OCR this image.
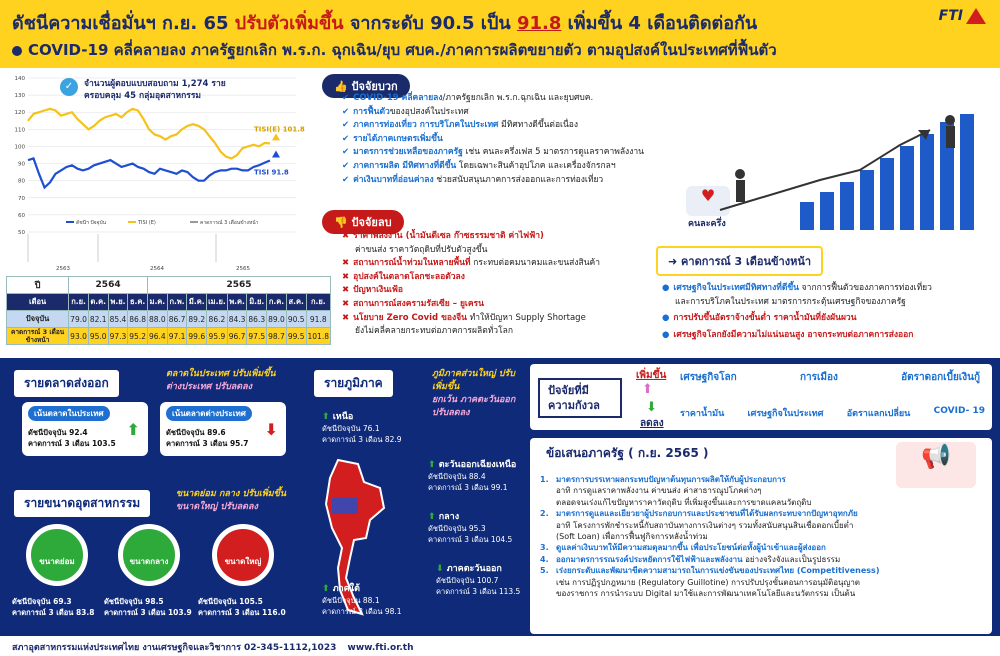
ดัชนีความเชื่อมั่นฯ ก.ย. 65 ปรับตัวเพิ่มขึ้น จากระดับ 90.5 เป็น 91.8 เพิ่มขึ้น 4 เดือนติดต่อกัน
COVID-19 คลี่คลายลง ภาครัฐยกเลิก พ.ร.ก. ฉุกเฉิน/ยุบ ศบค./ภาคการผลิตขยายตัว ตามอุปสงค์ในประเทศที่ฟื้นตัว
FTI
50
60
70
80
90
100
110
120
130
140
TISI(E) 101.8
TISI 91.8
2563	2564	2565
ดัชนีฯ ปัจจุบัน	TISI (E)	คาดการณ์ 3 เดือนข้างหน้า
✓	จำนวนผู้ตอบแบบสอบถาม 1,274 ราย
ครอบคลุม 45 กลุ่มอุตสาหกรรม
ปี	2564				2565								
เดือน	ก.ย.	ต.ค.	พ.ย.	ธ.ค.	ม.ค.	ก.พ.	มี.ค.	เม.ย.	พ.ค.	มิ.ย.	ก.ค.	ส.ค.	ก.ย.
ปัจจุบัน	79.0	82.1	85.4	86.8	88.0	86.7	89.2	86.2	84.3	86.3	89.0	90.5	91.8
คาดการณ์ 3 เดือนข้างหน้า	93.0	95.0	97.3	95.2	96.4	97.1	99.6	95.9	96.7	97.5	98.7	99.5	101.8
👍 ปัจจัยบวก
✔ COVID-19 คลี่คลายลง/ภาครัฐยกเลิก พ.ร.ก.ฉุกเฉิน และยุบศบค.
✔ การฟื้นตัวของอุปสงค์ในประเทศ
✔ ภาคการท่องเที่ยว การบริโภคในประเทศ มีทิศทางดีขึ้นต่อเนื่อง
✔ รายได้ภาคเกษตรเพิ่มขึ้น
✔ มาตรการช่วยเหลือของภาครัฐ เช่น คนละครึ่งเฟส 5 มาตรการดูแลราคาพลังงาน
✔ ภาคการผลิต มีทิศทางที่ดีขึ้น โดยเฉพาะสินค้าอุปโภค และเครื่องจักรกลฯ
✔ ค่าเงินบาทที่อ่อนค่าลง ช่วยสนับสนุนภาคการส่งออกและการท่องเที่ยว
♥
คนละครึ่ง
👎 ปัจจัยลบ
✖ ราคาพลังงาน (น้ำมันดีเซล ก๊าซธรรมชาติ ค่าไฟฟ้า)
ค่าขนส่ง ราคาวัตถุดิบที่ปรับตัวสูงขึ้น
✖ สถานการณ์น้ำท่วมในหลายพื้นที่ กระทบต่อคมนาคมและขนส่งสินค้า
✖ อุปสงค์ในตลาดโลกชะลอตัวลง
✖ ปัญหาเงินเฟ้อ
✖ สถานการณ์สงครามรัสเซีย – ยูเครน
✖ นโยบาย Zero Covid ของจีน ทำให้ปัญหา Supply Shortage
ยังไม่คลี่คลายกระทบต่อภาคการผลิตทั่วโลก
➜ คาดการณ์ 3 เดือนข้างหน้า
● เศรษฐกิจในประเทศมีทิศทางที่ดีขึ้น จากการฟื้นตัวของภาคการท่องเที่ยว
และการบริโภคในประเทศ มาตรการกระตุ้นเศรษฐกิจของภาครัฐ
● การปรับขึ้นอัตราจ้างขั้นต่ำ ราคาน้ำมันที่ยังผันผวน
● เศรษฐกิจโลกยังมีความไม่แน่นอนสูง อาจกระทบต่อภาคการส่งออก
รายตลาดส่งออก
ตลาดในประเทศ ปรับเพิ่มขึ้น
ต่างประเทศ ปรับลดลง
เน้นตลาดในประเทศ
ดัชนีปัจจุบัน 92.4
คาดการณ์ 3 เดือน 103.5
⬆
เน้นตลาดต่างประเทศ
ดัชนีปัจจุบัน 89.6
คาดการณ์ 3 เดือน 95.7
⬇
รายขนาดอุตสาหกรรม
ขนาดย่อม กลาง ปรับเพิ่มขึ้น
ขนาดใหญ่ ปรับลดลง
ขนาดย่อม
ดัชนีปัจจุบัน 69.3
คาดการณ์ 3 เดือน 83.8
ขนาดกลาง
ดัชนีปัจจุบัน 98.5
คาดการณ์ 3 เดือน 103.9
ขนาดใหญ่
ดัชนีปัจจุบัน 105.5
คาดการณ์ 3 เดือน 116.0
รายภูมิภาค
ภูมิภาคส่วนใหญ่ ปรับเพิ่มขึ้น
ยกเว้น ภาคตะวันออก ปรับลดลง
⬆ เหนือ
ดัชนีปัจจุบัน 76.1
คาดการณ์ 3 เดือน 82.9
⬆ ตะวันออกเฉียงเหนือ
ดัชนีปัจจุบัน 88.4
คาดการณ์ 3 เดือน 99.1
⬆ กลาง
ดัชนีปัจจุบัน 95.3
คาดการณ์ 3 เดือน 104.5
⬇ ภาคตะวันออก
ดัชนีปัจจุบัน 100.7
คาดการณ์ 3 เดือน 113.5
⬆ ภาคใต้
ดัชนีปัจจุบัน 88.1
คาดการณ์ 3 เดือน 98.1
ปัจจัยที่มีความกังวล
เพิ่มขึ้น
⬆
⬇
ลดลง
เศรษฐกิจโลก	การเมือง	อัตราดอกเบี้ยเงินกู้
ราคาน้ำมัน	เศรษฐกิจในประเทศ	อัตราแลกเปลี่ยน	COVID- 19
ข้อเสนอภาครัฐ ( ก.ย. 2565 )	📢
1. มาตรการบรรเทาผลกระทบปัญหาต้นทุนการผลิตให้กับผู้ประกอบการ
อาทิ การดูแลราคาพลังงาน ค่าขนส่ง ค่าสาธารณูปโภคต่างๆ
ตลอดจนเร่งแก้ไขปัญหาราคาวัตถุดิบ ที่เพิ่มสูงขึ้นและการขาดแคลนวัตถุดิบ
2. มาตรการดูแลและเยียวยาผู้ประกอบการและประชาชนที่ได้รับผลกระทบจากปัญหาอุทกภัย
อาทิ โครงการพักชำระหนี้กับสถาบันทางการเงินต่างๆ รวมทั้งสนับสนุนสินเชื่อดอกเบี้ยต่ำ
(Soft Loan) เพื่อการฟื้นฟูกิจการหลังน้ำท่วม
3. ดูแลค่าเงินบาทให้มีความสมดุลมากขึ้น เพื่อประโยชน์ต่อทั้งผู้นำเข้าและผู้ส่งออก
4. ออกมาตรการรณรงค์ประหยัดการใช้ไฟฟ้าและพลังงาน อย่างจริงจังและเป็นรูปธรรม
5. เร่งยกระดับและพัฒนาขีดความสามารถในการแข่งขันของประเทศไทย (Competitiveness)
เช่น การปฏิรูปกฎหมาย (Regulatory Guillotine) การปรับปรุงขั้นตอนการอนุมัติอนุญาต
ของราชการ การนำระบบ Digital มาใช้และการพัฒนาเทคโนโลยีและนวัตกรรม เป็นต้น
สภาอุตสาหกรรมแห่งประเทศไทย งานเศรษฐกิจและวิชาการ 02-345-1112,1023 www.fti.or.th
